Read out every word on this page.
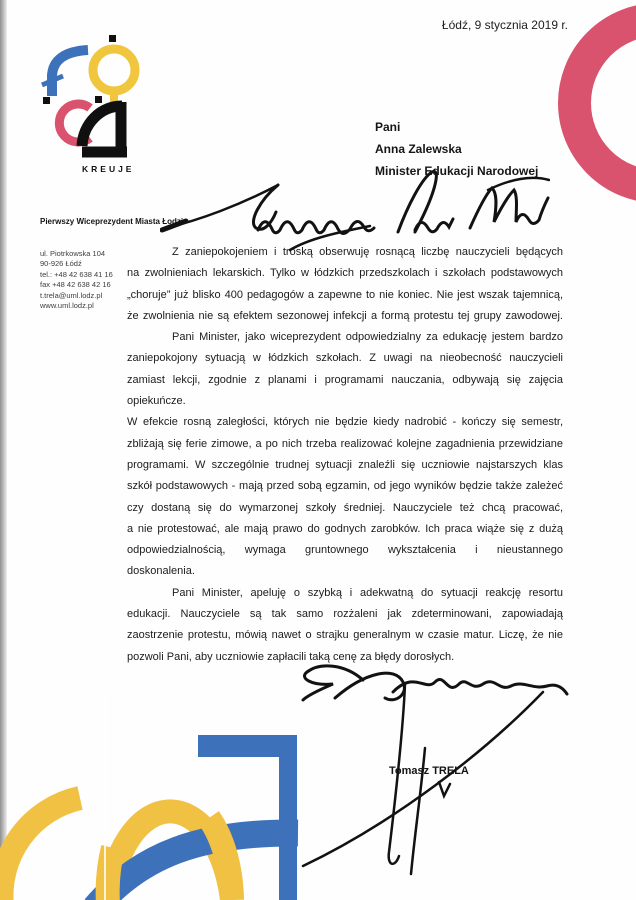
Łódź, 9 stycznia 2019 r.
KREUJE
Pierwszy Wiceprezydent Miasta Łodzi
ul. Piotrkowska 104
90-926 Łódź
tel.: +48 42 638 41 16
fax +48 42 638 42 16
t.trela@uml.lodz.pl
www.uml.lodz.pl
Pani
Anna Zalewska
Minister Edukacji Narodowej
Z zaniepokojeniem i troską obserwuję rosnącą liczbę nauczycieli będących
na zwolnieniach lekarskich. Tylko w łódzkich przedszkolach i szkołach podstawowych
„choruje” już blisko 400 pedagogów a zapewne to nie koniec. Nie jest wszak tajemnicą,
że zwolnienia nie są efektem sezonowej infekcji a formą protestu tej grupy zawodowej.
Pani Minister, jako wiceprezydent odpowiedzialny za edukację jestem bardzo
zaniepokojony sytuacją w łódzkich szkołach. Z uwagi na nieobecność nauczycieli
zamiast lekcji, zgodnie z planami i programami nauczania, odbywają się zajęcia
opiekuńcze.
W efekcie rosną zaległości, których nie będzie kiedy nadrobić - kończy się semestr,
zbliżają się ferie zimowe, a po nich trzeba realizować kolejne zagadnienia przewidziane
programami. W szczególnie trudnej sytuacji znaleźli się uczniowie najstarszych klas
szkół podstawowych - mają przed sobą egzamin, od jego wyników będzie także zależeć
czy dostaną się do wymarzonej szkoły średniej. Nauczyciele też chcą pracować,
a nie protestować, ale mają prawo do godnych zarobków. Ich praca wiąże się z dużą
odpowiedzialnością, wymaga gruntownego wykształcenia i nieustannego
doskonalenia.
Pani Minister, apeluję o szybką i adekwatną do sytuacji reakcję resortu
edukacji. Nauczyciele są tak samo rozżaleni jak zdeterminowani, zapowiadają
zaostrzenie protestu, mówią nawet o strajku generalnym w czasie matur. Liczę, że nie
pozwoli Pani, aby uczniowie zapłacili taką cenę za błędy dorosłych.
Tomasz TRELA
